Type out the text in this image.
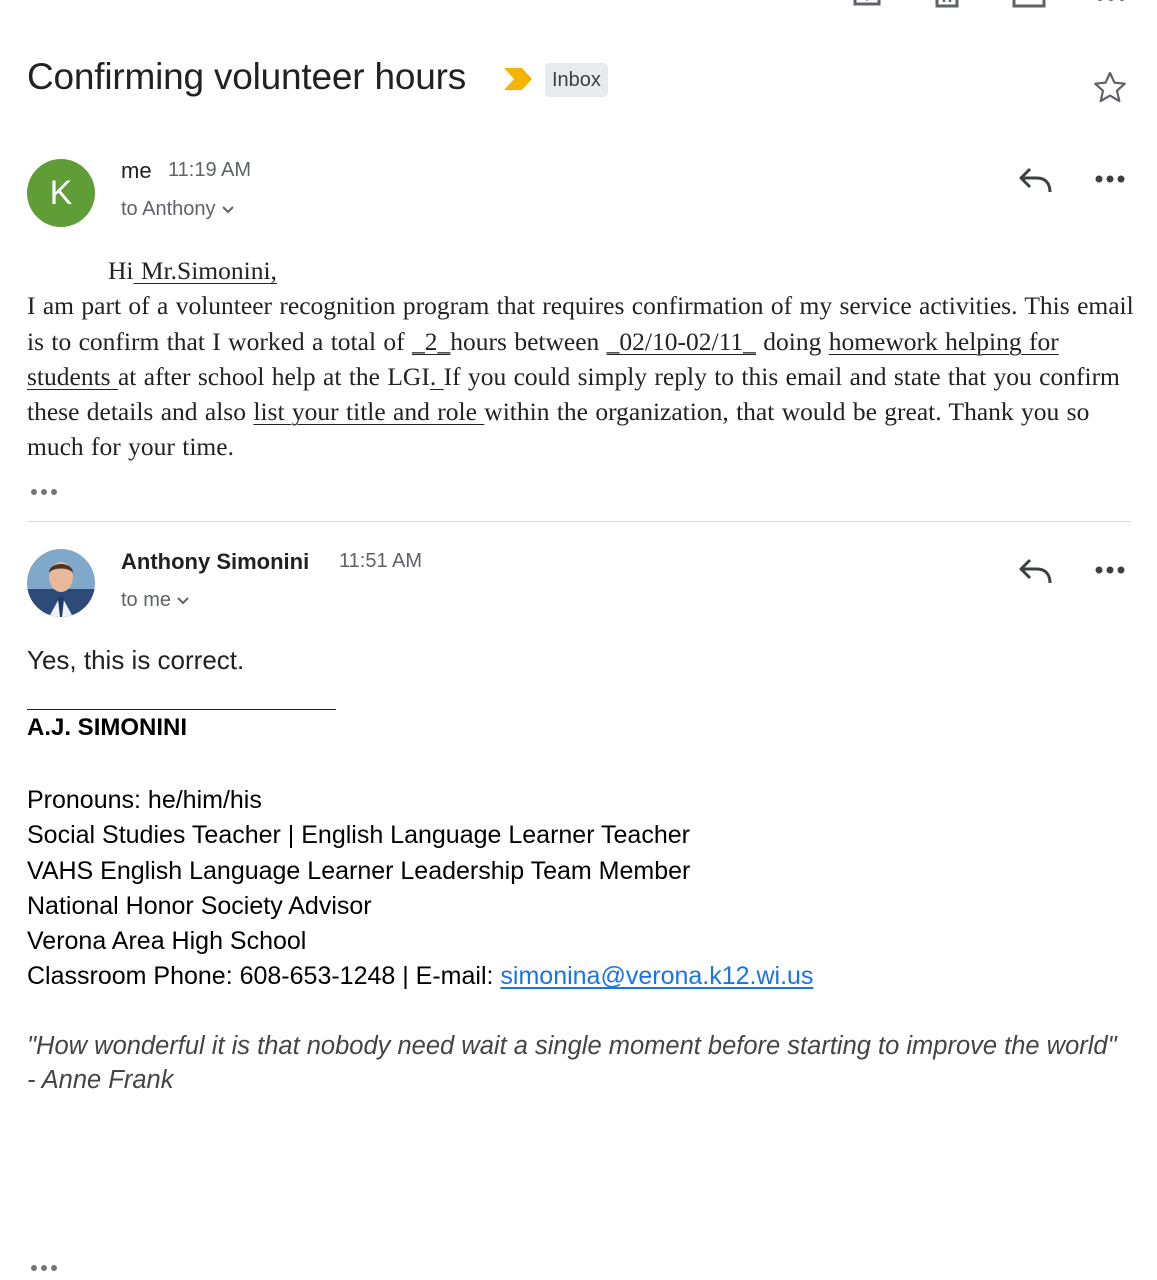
Confirming volunteer hours	Inbox
K
me 11:19 AM
to Anthony

Hi Mr.Simonini,

I am part of a volunteer recognition program that requires confirmation of my service activities. This email is to confirm that I worked a total of _2_hours between _02/10-02/11_ doing homework helping for students at after school help at the LGI. If you could simply reply to this email and state that you confirm these details and also list your title and role within the organization, that would be great. Thank you so much for your time.

Anthony Simonini 11:51 AM
to me
Yes, this is correct.
A.J. SIMONINI
Pronouns: he/him/his
Social Studies Teacher | English Language Learner Teacher
VAHS English Language Learner Leadership Team Member
National Honor Society Advisor
Verona Area High School
Classroom Phone: 608-653-1248 | E-mail: simonina@verona.k12.wi.us
"How wonderful it is that nobody need wait a single moment before starting to improve the world" - Anne Frank
